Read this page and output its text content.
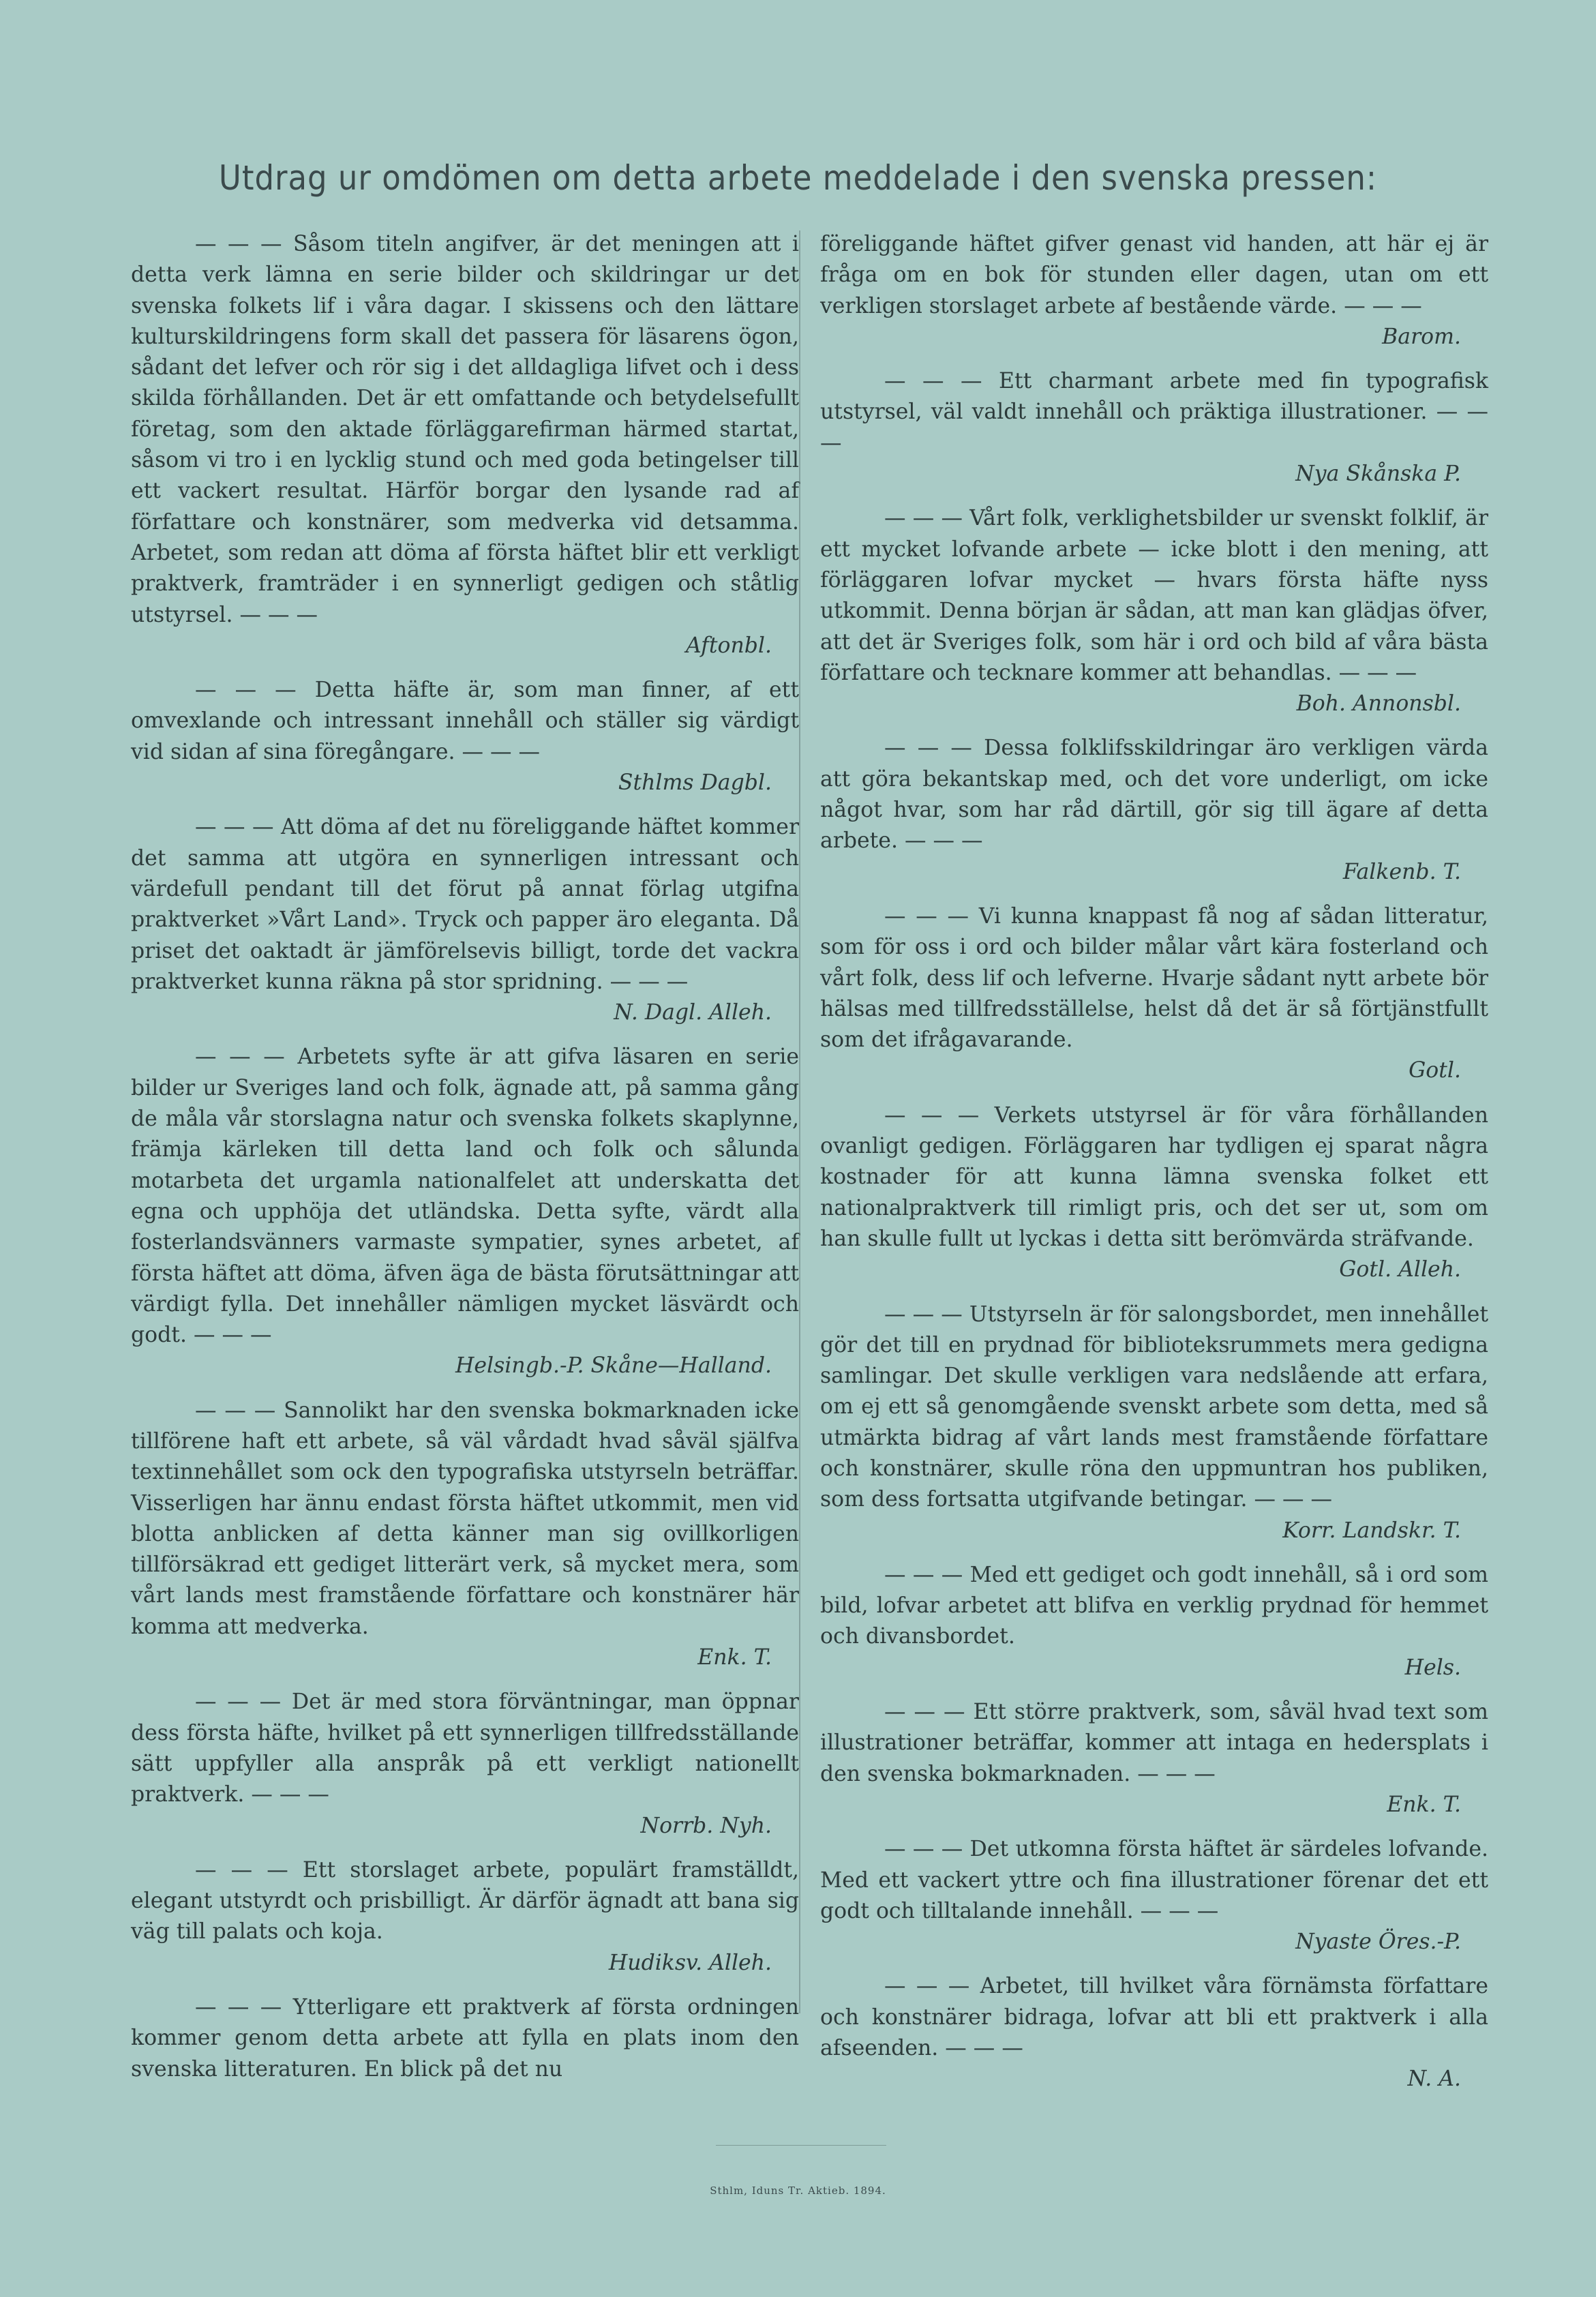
Utdrag ur omdömen om detta arbete meddelade i den svenska pressen:

— — — Såsom titeln angifver, är det meningen att i detta verk lämna en serie bilder och skildringar ur det svenska folkets lif i våra dagar. I skissens och den lättare kulturskildringens form skall det passera för läsarens ögon, sådant det lefver och rör sig i det alldagliga lifvet och i dess skilda förhållanden. Det är ett omfattande och betydelsefullt företag, som den aktade förläggarefirman härmed startat, såsom vi tro i en lycklig stund och med goda betingelser till ett vackert resultat. Härför borgar den lysande rad af författare och konstnärer, som medverka vid detsamma. Arbetet, som redan att döma af första häftet blir ett verkligt praktverk, framträder i en synnerligt gedigen och ståtlig utstyrsel. — — —

Aftonbl.

— — — Detta häfte är, som man finner, af ett omvexlande och intressant innehåll och ställer sig värdigt vid sidan af sina föregångare. — — —

Sthlms Dagbl.

— — — Att döma af det nu föreliggande häftet kommer det samma att utgöra en synnerligen intressant och värdefull pendant till det förut på annat förlag utgifna praktverket »Vårt Land». Tryck och papper äro eleganta. Då priset det oaktadt är jämförelsevis billigt, torde det vackra praktverket kunna räkna på stor spridning. — — —

N. Dagl. Alleh.

— — — Arbetets syfte är att gifva läsaren en serie bilder ur Sveriges land och folk, ägnade att, på samma gång de måla vår storslagna natur och svenska folkets skaplynne, främja kärleken till detta land och folk och sålunda motarbeta det urgamla nationalfelet att underskatta det egna och upphöja det utländska. Detta syfte, värdt alla fosterlandsvänners varmaste sympatier, synes arbetet, af första häftet att döma, äfven äga de bästa förutsättningar att värdigt fylla. Det innehåller nämligen mycket läsvärdt och godt. — — —

Helsingb.-P. Skåne—Halland.

— — — Sannolikt har den svenska bokmarknaden icke tillförene haft ett arbete, så väl vårdadt hvad såväl själfva textinnehållet som ock den typografiska utstyrseln beträffar. Visserligen har ännu endast första häftet utkommit, men vid blotta anblicken af detta känner man sig ovillkorligen tillförsäkrad ett gediget litterärt verk, så mycket mera, som vårt lands mest framstående författare och konstnärer här komma att medverka.

Enk. T.

— — — Det är med stora förväntningar, man öppnar dess första häfte, hvilket på ett synnerligen tillfredsställande sätt uppfyller alla anspråk på ett verkligt nationellt praktverk. — — —

Norrb. Nyh.

— — — Ett storslaget arbete, populärt framställdt, elegant utstyrdt och prisbilligt. Är därför ägnadt att bana sig väg till palats och koja.

Hudiksv. Alleh.

— — — Ytterligare ett praktverk af första ordningen kommer genom detta arbete att fylla en plats inom den svenska litteraturen. En blick på det nu

föreliggande häftet gifver genast vid handen, att här ej är fråga om en bok för stunden eller dagen, utan om ett verkligen storslaget arbete af bestående värde. — — —

Barom.

— — — Ett charmant arbete med fin typografisk utstyrsel, väl valdt innehåll och präktiga illustrationer. — — —

Nya Skånska P.

— — — Vårt folk, verklighetsbilder ur svenskt folklif, är ett mycket lofvande arbete — icke blott i den mening, att förläggaren lofvar mycket — hvars första häfte nyss utkommit. Denna början är sådan, att man kan glädjas öfver, att det är Sveriges folk, som här i ord och bild af våra bästa författare och tecknare kommer att behandlas. — — —

Boh. Annonsbl.

— — — Dessa folklifsskildringar äro verkligen värda att göra bekantskap med, och det vore underligt, om icke något hvar, som har råd därtill, gör sig till ägare af detta arbete. — — —

Falkenb. T.

— — — Vi kunna knappast få nog af sådan litteratur, som för oss i ord och bilder målar vårt kära fosterland och vårt folk, dess lif och lefverne. Hvarje sådant nytt arbete bör hälsas med tillfredsställelse, helst då det är så förtjänstfullt som det ifrågavarande.

Gotl.

— — — Verkets utstyrsel är för våra förhållanden ovanligt gedigen. Förläggaren har tydligen ej sparat några kostnader för att kunna lämna svenska folket ett nationalpraktverk till rimligt pris, och det ser ut, som om han skulle fullt ut lyckas i detta sitt berömvärda sträfvande.

Gotl. Alleh.

— — — Utstyrseln är för salongsbordet, men innehållet gör det till en prydnad för biblioteksrummets mera gedigna samlingar. Det skulle verkligen vara nedslående att erfara, om ej ett så genomgående svenskt arbete som detta, med så utmärkta bidrag af vårt lands mest framstående författare och konstnärer, skulle röna den uppmuntran hos publiken, som dess fortsatta utgifvande betingar. — — —

Korr. Landskr. T.

— — — Med ett gediget och godt innehåll, så i ord som bild, lofvar arbetet att blifva en verklig prydnad för hemmet och divansbordet.

Hels.

— — — Ett större praktverk, som, såväl hvad text som illustrationer beträffar, kommer att intaga en hedersplats i den svenska bokmarknaden. — — —

Enk. T.

— — — Det utkomna första häftet är särdeles lofvande. Med ett vackert yttre och fina illustrationer förenar det ett godt och tilltalande innehåll. — — —

Nyaste Öres.-P.

— — — Arbetet, till hvilket våra förnämsta författare och konstnärer bidraga, lofvar att bli ett praktverk i alla afseenden. — — —

N. A.
Sthlm, Iduns Tr. Aktieb. 1894.
